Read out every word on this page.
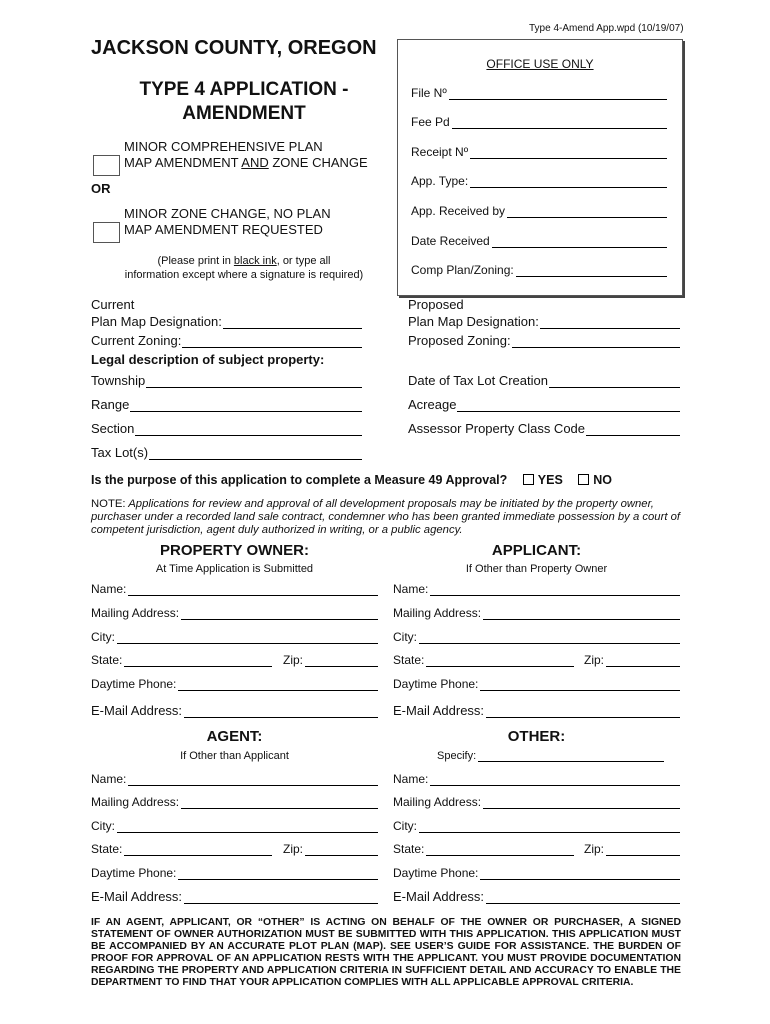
Type 4-Amend App.wpd (10/19/07)
JACKSON COUNTY, OREGON
TYPE 4 APPLICATION -
AMENDMENT
MINOR COMPREHENSIVE PLAN
MAP AMENDMENT AND ZONE CHANGE
OR
MINOR ZONE CHANGE, NO PLAN
MAP AMENDMENT REQUESTED
(Please print in black ink, or type all
information except where a signature is required)
OFFICE USE ONLY
File Nº
Fee Pd
Receipt Nº
App. Type:
App. Received by
Date Received
Comp Plan/Zoning:
Current
Plan Map Designation:
Current Zoning:
Proposed
Plan Map Designation:
Proposed Zoning:
Legal description of subject property:
Township
Range
Section
Tax Lot(s)
Date of Tax Lot Creation
Acreage
Assessor Property Class Code
Is the purpose of this application to complete a Measure 49 Approval? YES NO
NOTE: Applications for review and approval of all development proposals may be initiated by the property owner, purchaser under a recorded land sale contract, condemner who has been granted immediate possession by a court of competent jurisdiction, agent duly authorized in writing, or a public agency.
PROPERTY OWNER:
At Time Application is Submitted
Name:
Mailing Address:
City:
State:	Zip:
Daytime Phone:
E-Mail Address:
APPLICANT:
If Other than Property Owner
Name:
Mailing Address:
City:
State:	Zip:
Daytime Phone:
E-Mail Address:
AGENT:
If Other than Applicant
Name:
Mailing Address:
City:
State:	Zip:
Daytime Phone:
E-Mail Address:
OTHER:
Specify:
Name:
Mailing Address:
City:
State:	Zip:
Daytime Phone:
E-Mail Address:
IF AN AGENT, APPLICANT, OR “OTHER” IS ACTING ON BEHALF OF THE OWNER OR PURCHASER, A SIGNED STATEMENT OF OWNER AUTHORIZATION MUST BE SUBMITTED WITH THIS APPLICATION. THIS APPLICATION MUST BE ACCOMPANIED BY AN ACCURATE PLOT PLAN (MAP). SEE USER’S GUIDE FOR ASSISTANCE. THE BURDEN OF PROOF FOR APPROVAL OF AN APPLICATION RESTS WITH THE APPLICANT. YOU MUST PROVIDE DOCUMENTATION REGARDING THE PROPERTY AND APPLICATION CRITERIA IN SUFFICIENT DETAIL AND ACCURACY TO ENABLE THE DEPARTMENT TO FIND THAT YOUR APPLICATION COMPLIES WITH ALL APPLICABLE APPROVAL CRITERIA.
